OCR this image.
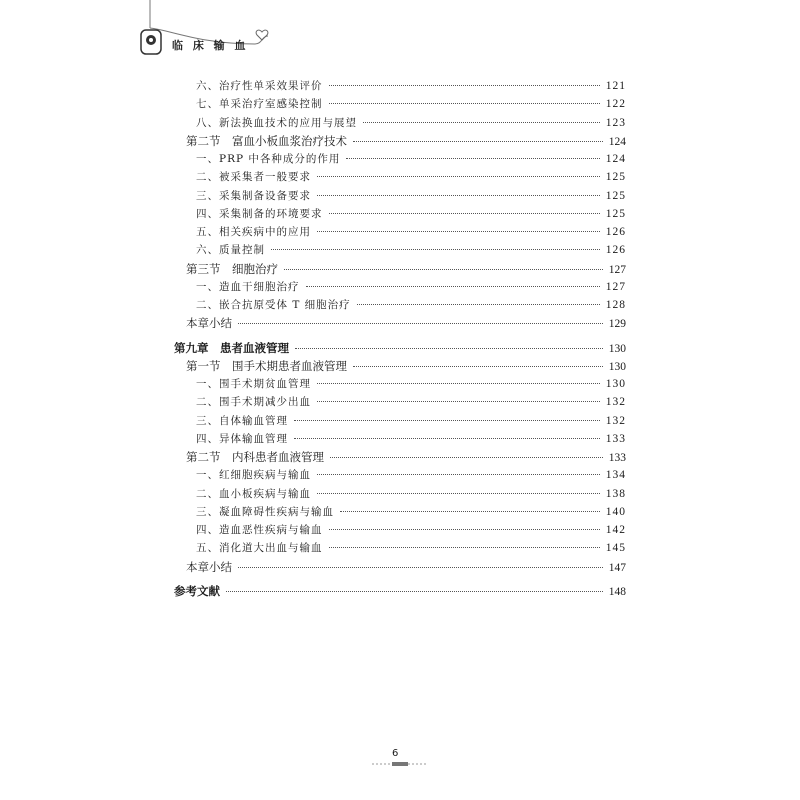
临 床 输 血
六、治疗性单采效果评价	121
七、单采治疗室感染控制	122
八、新法换血技术的应用与展望	123
第二节　富血小板血浆治疗技术	124
一、PRP 中各种成分的作用	124
二、被采集者一般要求	125
三、采集制备设备要求	125
四、采集制备的环境要求	125
五、相关疾病中的应用	126
六、质量控制	126
第三节　细胞治疗	127
一、造血干细胞治疗	127
二、嵌合抗原受体 T 细胞治疗	128
本章小结	129
第九章　患者血液管理	130
第一节　围手术期患者血液管理	130
一、围手术期贫血管理	130
二、围手术期减少出血	132
三、自体输血管理	132
四、异体输血管理	133
第二节　内科患者血液管理	133
一、红细胞疾病与输血	134
二、血小板疾病与输血	138
三、凝血障碍性疾病与输血	140
四、造血恶性疾病与输血	142
五、消化道大出血与输血	145
本章小结	147
参考文献	148
6
